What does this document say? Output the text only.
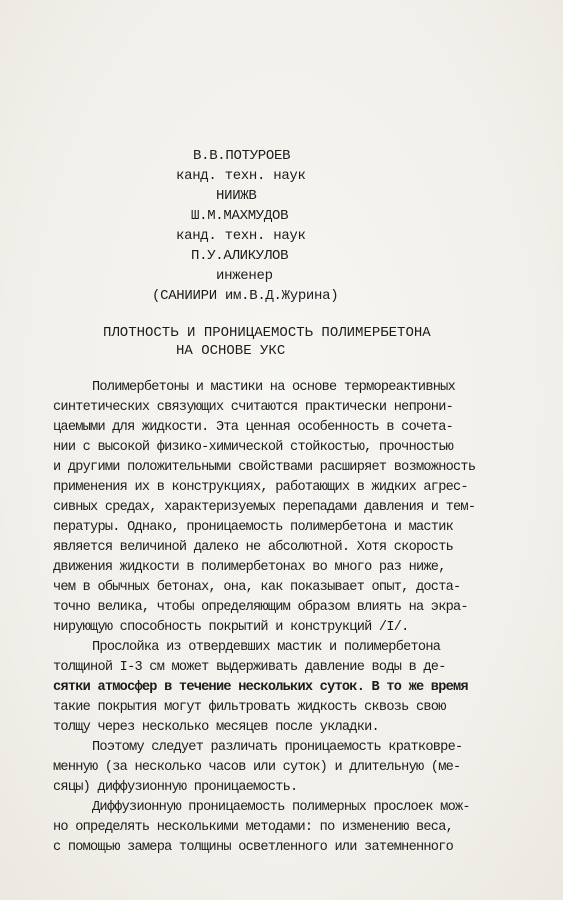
В.В.ПОТУРОЕВ
канд. техн. наук
НИИЖВ
Ш.М.МАХМУДОВ
канд. техн. наук
П.У.АЛИКУЛОВ
инженер
(САНИИРИ им.В.Д.Журина)
ПЛОТНОСТЬ И ПРОНИЦАЕМОСТЬ ПОЛИМЕРБЕТОНА
НА ОСНОВЕ УКС
Полимербетоны и мастики на основе термореактивных
синтетических связующих считаются практически непрони-
цаемыми для жидкости. Эта ценная особенность в сочета-
нии с высокой физико-химической стойкостью, прочностью
и другими положительными свойствами расширяет возможность
применения их в конструкциях, работающих в жидких агрес-
сивных средах, характеризуемых перепадами давления и тем-
пературы. Однако, проницаемость полимербетона и мастик
является величиной далеко не абсолютной. Хотя скорость
движения жидкости в полимербетонах во много раз ниже,
чем в обычных бетонах, она, как показывает опыт, доста-
точно велика, чтобы определяющим образом влиять на экра-
нирующую способность покрытий и конструкций /I/.
Прослойка из отвердевших мастик и полимербетона
толщиной I-3 см может выдерживать давление воды в де-
сятки атмосфер в течение нескольких суток. В то же время
такие покрытия могут фильтровать жидкость сквозь свою
толщу через несколько месяцев после укладки.
Поэтому следует различать проницаемость кратковре-
менную (за несколько часов или суток) и длительную (ме-
сяцы) диффузионную проницаемость.
Диффузионную проницаемость полимерных прослоек мож-
но определять несколькими методами: по изменению веса,
с помощью замера толщины осветленного или затемненного
